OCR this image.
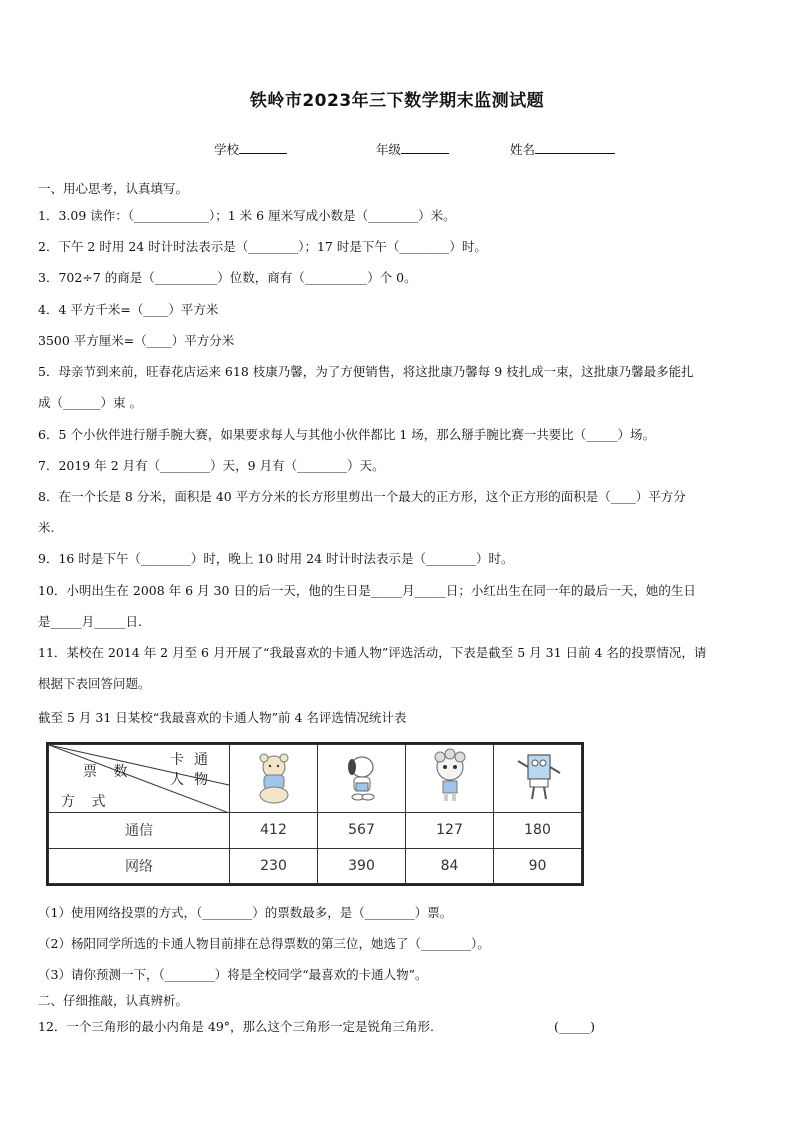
铁岭市2023年三下数学期末监测试题
学校	年级	姓名
一、用心思考，认真填写。
1．3.09 读作：（____________）；1 米 6 厘米写成小数是（________）米。
2．下午 2 时用 24 时计时法表示是（________）；17 时是下午（________）时。
3．702÷7 的商是（__________）位数，商有（__________）个 0。
4．4 平方千米=（____）平方米
3500 平方厘米=（____）平方分米
5．母亲节到来前，旺春花店运来 618 枝康乃馨，为了方便销售，将这批康乃馨每 9 枝扎成一束，这批康乃馨最多能扎
成（______）束 。
6．5 个小伙伴进行掰手腕大赛，如果要求每人与其他小伙伴都比 1 场，那么掰手腕比赛一共要比（_____）场。
7．2019 年 2 月有（________）天，9 月有（________）天。
8．在一个长是 8 分米，面积是 40 平方分米的长方形里剪出一个最大的正方形，这个正方形的面积是（____）平方分
米.
9．16 时是下午（________）时，晚上 10 时用 24 时计时法表示是（________）时。
10．小明出生在 2008 年 6 月 30 日的后一天，他的生日是_____月_____日；小红出生在同一年的最后一天，她的生日
是_____月_____日.
11．某校在 2014 年 2 月至 6 月开展了“我最喜欢的卡通人物”评选活动，下表是截至 5 月 31 日前 4 名的投票情况，请
根据下表回答问题。
截至 5 月 31 日某校“我最喜欢的卡通人物”前 4 名评选情况统计表
卡通人物
票 数
方 式

通信	412	567	127	180
网络	230	390	84	90
（1）使用网络投票的方式，（________）的票数最多，是（________）票。
（2）杨阳同学所选的卡通人物目前排在总得票数的第三位，她选了（________）。
（3）请你预测一下，（________）将是全校同学“最喜欢的卡通人物”。
二、仔细推敲，认真辨析。
12．一个三角形的最小内角是 49°，那么这个三角形一定是锐角三角形.	(_____)
